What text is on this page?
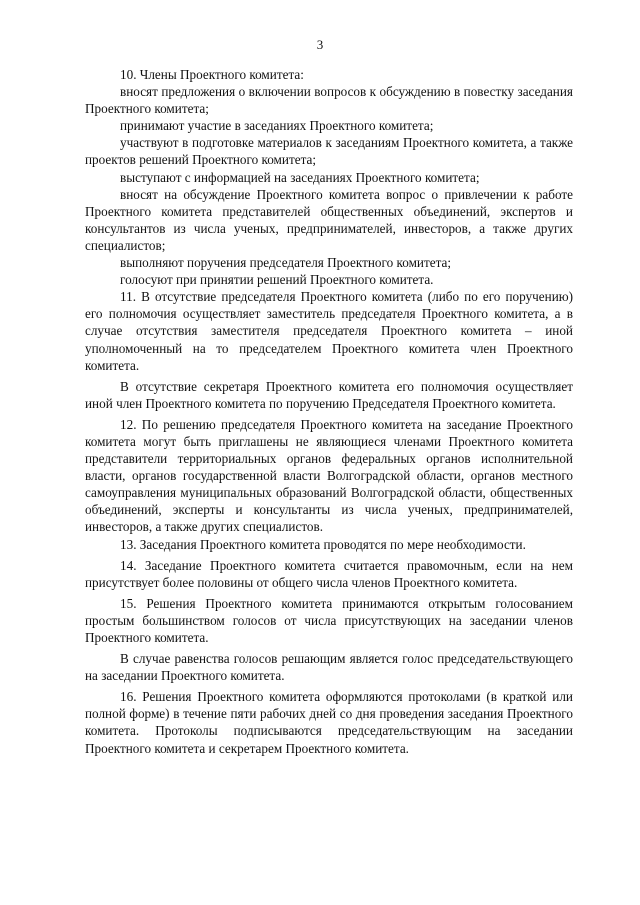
3

10. Члены Проектного комитета:

вносят предложения о включении вопросов к обсуждению в повестку заседания Проектного комитета;

принимают участие в заседаниях Проектного комитета;

участвуют в подготовке материалов к заседаниям Проектного комитета, а также проектов решений Проектного комитета;

выступают с информацией на заседаниях Проектного комитета;

вносят на обсуждение Проектного комитета вопрос о привлечении к работе Проектного комитета представителей общественных объединений, экспертов и консультантов из числа ученых, предпринимателей, инвесторов, а также других специалистов;

выполняют поручения председателя Проектного комитета;

голосуют при принятии решений Проектного комитета.

11. В отсутствие председателя Проектного комитета (либо по его поручению) его полномочия осуществляет заместитель председателя Проектного комитета, а в случае отсутствия заместителя председателя Проектного комитета – иной уполномоченный на то председателем Проектного комитета член Проектного комитета.

В отсутствие секретаря Проектного комитета его полномочия осуществляет иной член Проектного комитета по поручению Председателя Проектного комитета.

12. По решению председателя Проектного комитета на заседание Проектного комитета могут быть приглашены не являющиеся членами Проектного комитета представители территориальных органов федеральных органов исполнительной власти, органов государственной власти Волгоградской области, органов местного самоуправления муниципальных образований Волгоградской области, общественных объединений, эксперты и консультанты из числа ученых, предпринимателей, инвесторов, а также других специалистов.

13. Заседания Проектного комитета проводятся по мере необходимости.

14. Заседание Проектного комитета считается правомочным, если на нем присутствует более половины от общего числа членов Проектного комитета.

15. Решения Проектного комитета принимаются открытым голосованием простым большинством голосов от числа присутствующих на заседании членов Проектного комитета.

В случае равенства голосов решающим является голос председательствующего на заседании Проектного комитета.

16. Решения Проектного комитета оформляются протоколами (в краткой или полной форме) в течение пяти рабочих дней со дня проведения заседания Проектного комитета. Протоколы подписываются председательствующим на заседании Проектного комитета и секретарем Проектного комитета.
